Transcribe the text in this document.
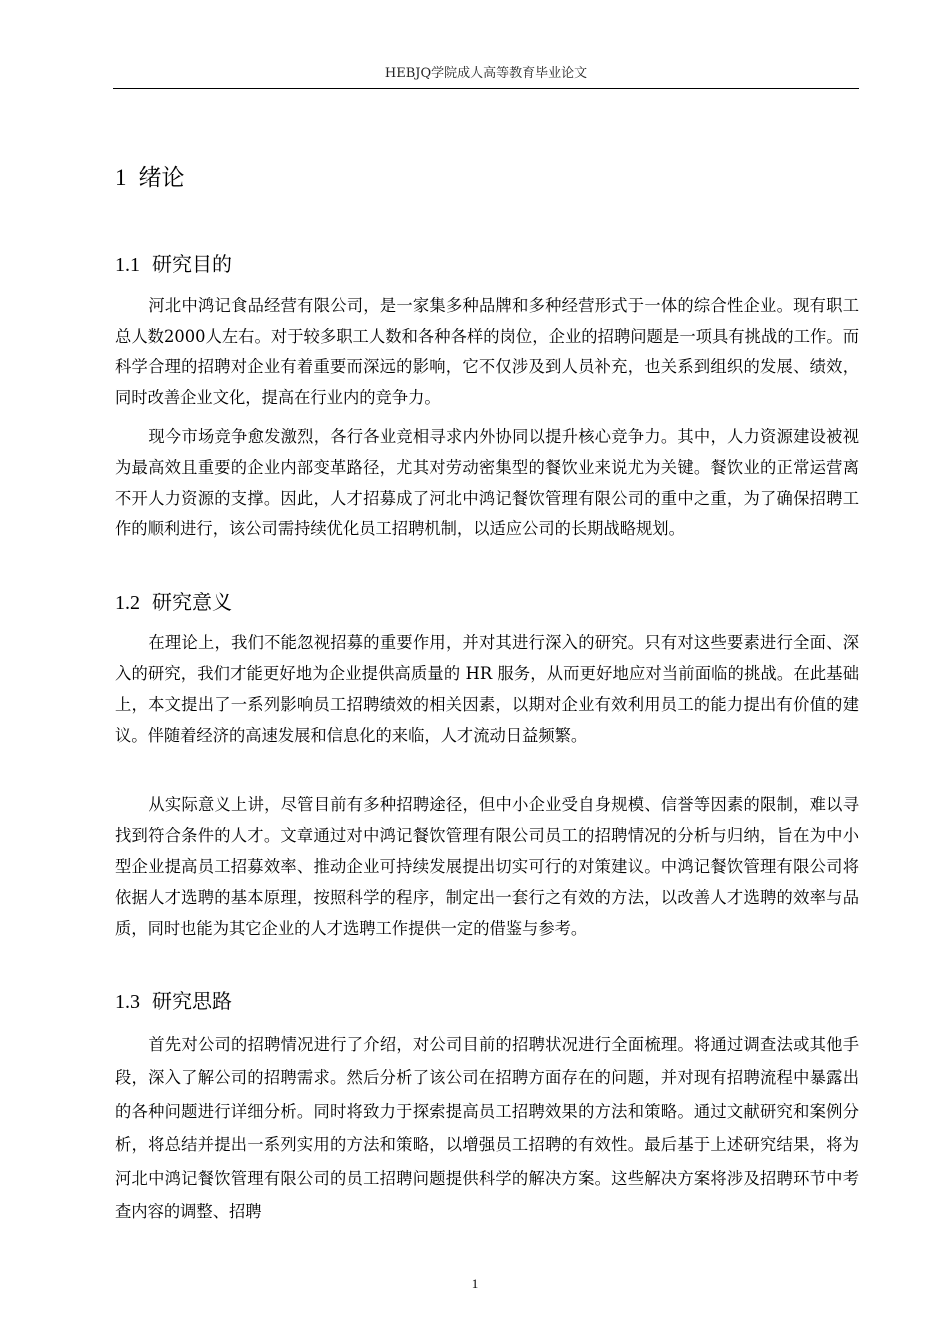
HEBJQ学院成人高等教育毕业论文
1 绪论
1.1 研究目的

河北中鸿记食品经营有限公司，是一家集多种品牌和多种经营形式于一体的综合性企业。现有职工总人数2000人左右。对于较多职工人数和各种各样的岗位，企业的招聘问题是一项具有挑战的工作。而科学合理的招聘对企业有着重要而深远的影响，它不仅涉及到人员补充，也关系到组织的发展、绩效，同时改善企业文化，提高在行业内的竞争力。

现今市场竞争愈发激烈，各行各业竞相寻求内外协同以提升核心竞争力。其中，人力资源建设被视为最高效且重要的企业内部变革路径，尤其对劳动密集型的餐饮业来说尤为关键。餐饮业的正常运营离不开人力资源的支撑。因此，人才招募成了河北中鸿记餐饮管理有限公司的重中之重，为了确保招聘工作的顺利进行，该公司需持续优化员工招聘机制，以适应公司的长期战略规划。

1.2 研究意义

在理论上，我们不能忽视招募的重要作用，并对其进行深入的研究。只有对这些要素进行全面、深入的研究，我们才能更好地为企业提供高质量的 HR 服务，从而更好地应对当前面临的挑战。在此基础上，本文提出了一系列影响员工招聘绩效的相关因素，以期对企业有效利用员工的能力提出有价值的建议。伴随着经济的高速发展和信息化的来临，人才流动日益频繁。

从实际意义上讲，尽管目前有多种招聘途径，但中小企业受自身规模、信誉等因素的限制，难以寻找到符合条件的人才。文章通过对中鸿记餐饮管理有限公司员工的招聘情况的分析与归纳，旨在为中小型企业提高员工招募效率、推动企业可持续发展提出切实可行的对策建议。中鸿记餐饮管理有限公司将依据人才选聘的基本原理，按照科学的程序，制定出一套行之有效的方法，以改善人才选聘的效率与品质，同时也能为其它企业的人才选聘工作提供一定的借鉴与参考。

1.3 研究思路

首先对公司的招聘情况进行了介绍，对公司目前的招聘状况进行全面梳理。将通过调查法或其他手段，深入了解公司的招聘需求。然后分析了该公司在招聘方面存在的问题，并对现有招聘流程中暴露出的各种问题进行详细分析。同时将致力于探索提高员工招聘效果的方法和策略。通过文献研究和案例分析，将总结并提出一系列实用的方法和策略，以增强员工招聘的有效性。最后基于上述研究结果，将为河北中鸿记餐饮管理有限公司的员工招聘问题提供科学的解决方案。这些解决方案将涉及招聘环节中考查内容的调整、招聘

1
